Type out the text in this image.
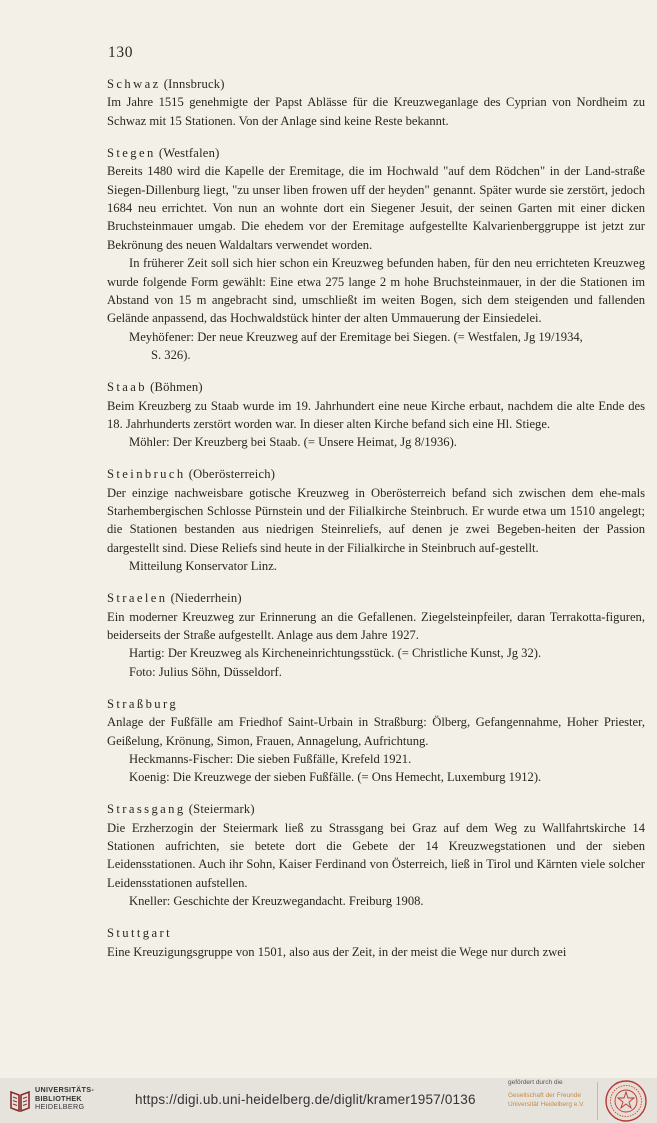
130
Schwaz (Innsbruck)

Im Jahre 1515 genehmigte der Papst Ablässe für die Kreuzweganlage des Cyprian von Nordheim zu Schwaz mit 15 Stationen. Von der Anlage sind keine Reste bekannt.

Stegen (Westfalen)

Bereits 1480 wird die Kapelle der Eremitage, die im Hochwald "auf dem Rödchen" in der Land-straße Siegen-Dillenburg liegt, "zu unser liben frowen uff der heyden" genannt. Später wurde sie zerstört, jedoch 1684 neu errichtet. Von nun an wohnte dort ein Siegener Jesuit, der seinen Garten mit einer dicken Bruchsteinmauer umgab. Die ehedem vor der Eremitage aufgestellte Kalvarienberggruppe ist jetzt zur Bekrönung des neuen Waldaltars verwendet worden.

In früherer Zeit soll sich hier schon ein Kreuzweg befunden haben, für den neu errichteten Kreuzweg wurde folgende Form gewählt: Eine etwa 275 lange 2 m hohe Bruchsteinmauer, in der die Stationen im Abstand von 15 m angebracht sind, umschließt im weiten Bogen, sich dem steigenden und fallenden Gelände anpassend, das Hochwaldstück hinter der alten Ummauerung der Einsiedelei.

Meyhöfener: Der neue Kreuzweg auf der Eremitage bei Siegen. (= Westfalen, Jg 19/1934,
S. 326).
Staab (Böhmen)

Beim Kreuzberg zu Staab wurde im 19. Jahrhundert eine neue Kirche erbaut, nachdem die alte Ende des 18. Jahrhunderts zerstört worden war. In dieser alten Kirche befand sich eine Hl. Stiege.

Möhler: Der Kreuzberg bei Staab. (= Unsere Heimat, Jg 8/1936).
Steinbruch (Oberösterreich)

Der einzige nachweisbare gotische Kreuzweg in Oberösterreich befand sich zwischen dem ehe-mals Starhembergischen Schlosse Pürnstein und der Filialkirche Steinbruch. Er wurde etwa um 1510 angelegt; die Stationen bestanden aus niedrigen Steinreliefs, auf denen je zwei Begeben-heiten der Passion dargestellt sind. Diese Reliefs sind heute in der Filialkirche in Steinbruch auf-gestellt.

Mitteilung Konservator Linz.
Straelen (Niederrhein)

Ein moderner Kreuzweg zur Erinnerung an die Gefallenen. Ziegelsteinpfeiler, daran Terrakotta-figuren, beiderseits der Straße aufgestellt. Anlage aus dem Jahre 1927.

Hartig: Der Kreuzweg als Kircheneinrichtungsstück. (= Christliche Kunst, Jg 32).
Foto: Julius Söhn, Düsseldorf.
Straßburg

Anlage der Fußfälle am Friedhof Saint-Urbain in Straßburg: Ölberg, Gefangennahme, Hoher Priester, Geißelung, Krönung, Simon, Frauen, Annagelung, Aufrichtung.

Heckmanns-Fischer: Die sieben Fußfälle, Krefeld 1921.
Koenig: Die Kreuzwege der sieben Fußfälle. (= Ons Hemecht, Luxemburg 1912).
Strassgang (Steiermark)

Die Erzherzogin der Steiermark ließ zu Strassgang bei Graz auf dem Weg zu Wallfahrtskirche 14 Stationen aufrichten, sie betete dort die Gebete der 14 Kreuzwegstationen und der sieben Leidensstationen. Auch ihr Sohn, Kaiser Ferdinand von Österreich, ließ in Tirol und Kärnten viele solcher Leidensstationen aufstellen.

Kneller: Geschichte der Kreuzwegandacht. Freiburg 1908.
Stuttgart

Eine Kreuzigungsgruppe von 1501, also aus der Zeit, in der meist die Wege nur durch zwei

UNIVERSITÄTS-
BIBLIOTHEK
HEIDELBERG	https://digi.ub.uni-heidelberg.de/diglit/kramer1957/0136
gefördert durch die
Gesellschaft der Freunde
Universität Heidelberg e.V.
